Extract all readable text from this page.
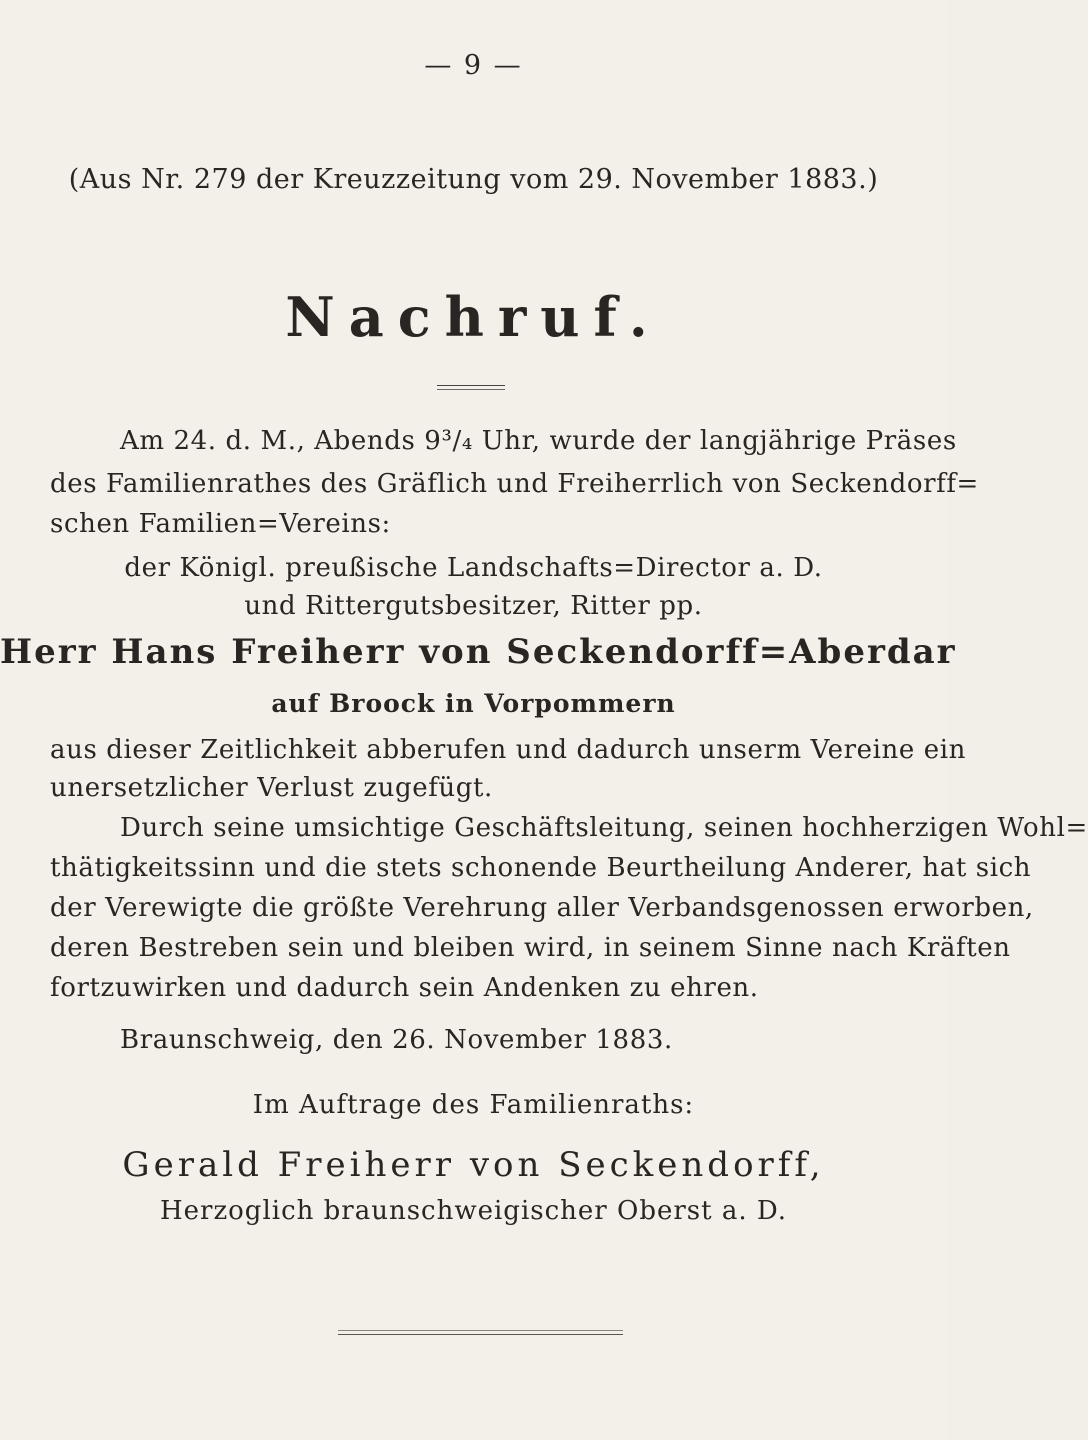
— 9 —
(Aus Nr. 279 der Kreuzzeitung vom 29. November 1883.)
Nachruf.
Am 24. d. M., Abends 9³/₄ Uhr, wurde der langjährige Präses
des Familienrathes des Gräflich und Freiherrlich von Seckendorff=
schen Familien=Vereins:
der Königl. preußische Landschafts=Director a. D.
und Rittergutsbesitzer, Ritter pp.
Herr Hans Freiherr von Seckendorff=Aberdar
auf Broock in Vorpommern
aus dieser Zeitlichkeit abberufen und dadurch unserm Vereine ein
unersetzlicher Verlust zugefügt.
Durch seine umsichtige Geschäftsleitung, seinen hochherzigen Wohl=
thätigkeitssinn und die stets schonende Beurtheilung Anderer, hat sich
der Verewigte die größte Verehrung aller Verbandsgenossen erworben,
deren Bestreben sein und bleiben wird, in seinem Sinne nach Kräften
fortzuwirken und dadurch sein Andenken zu ehren.
Braunschweig, den 26. November 1883.
Im Auftrage des Familienraths:
Gerald Freiherr von Seckendorff,
Herzoglich braunschweigischer Oberst a. D.
